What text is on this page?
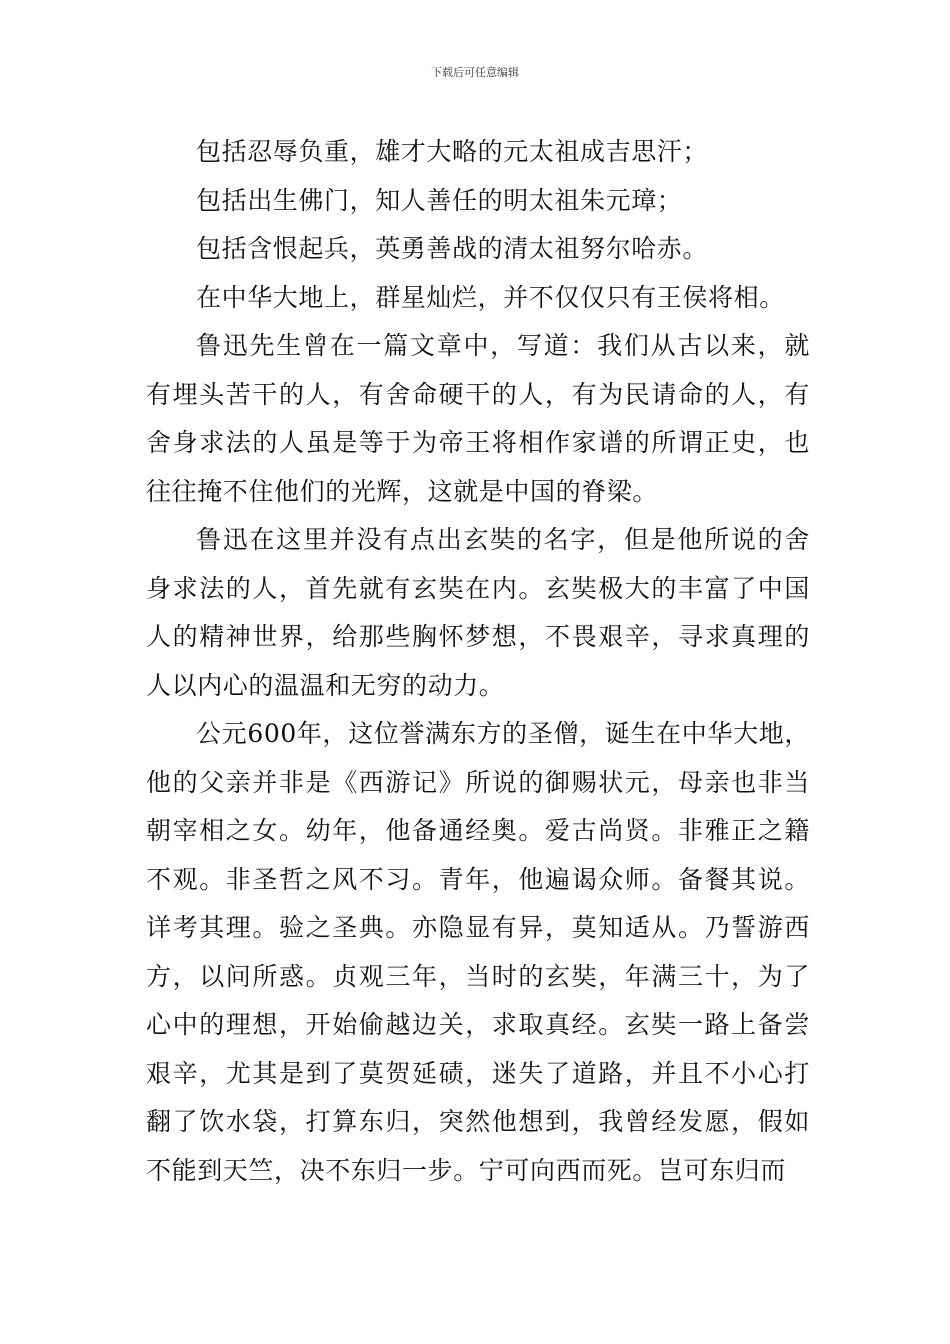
下载后可任意编辑

包括忍辱负重，雄才大略的元太祖成吉思汗；

包括出生佛门，知人善任的明太祖朱元璋；

包括含恨起兵，英勇善战的清太祖努尔哈赤。

在中华大地上，群星灿烂，并不仅仅只有王侯将相。

鲁迅先生曾在一篇文章中，写道：我们从古以来，就有埋头苦干的人，有舍命硬干的人，有为民请命的人，有舍身求法的人虽是等于为帝王将相作家谱的所谓正史，也往往掩不住他们的光辉，这就是中国的脊梁。

鲁迅在这里并没有点出玄奘的名字，但是他所说的舍身求法的人，首先就有玄奘在内。玄奘极大的丰富了中国人的精神世界，给那些胸怀梦想，不畏艰辛，寻求真理的人以内心的温温和无穷的动力。

公元600年，这位誉满东方的圣僧，诞生在中华大地，他的父亲并非是《西游记》所说的御赐状元，母亲也非当朝宰相之女。幼年，他备通经奥。爱古尚贤。非雅正之籍不观。非圣哲之风不习。青年，他遍谒众师。备餐其说。详考其理。验之圣典。亦隐显有异，莫知适从。乃誓游西方，以问所惑。贞观三年，当时的玄奘，年满三十，为了心中的理想，开始偷越边关，求取真经。玄奘一路上备尝艰辛，尤其是到了莫贺延碛，迷失了道路，并且不小心打翻了饮水袋，打算东归，突然他想到，我曾经发愿，假如不能到天竺，决不东归一步。宁可向西而死。岂可东归而
